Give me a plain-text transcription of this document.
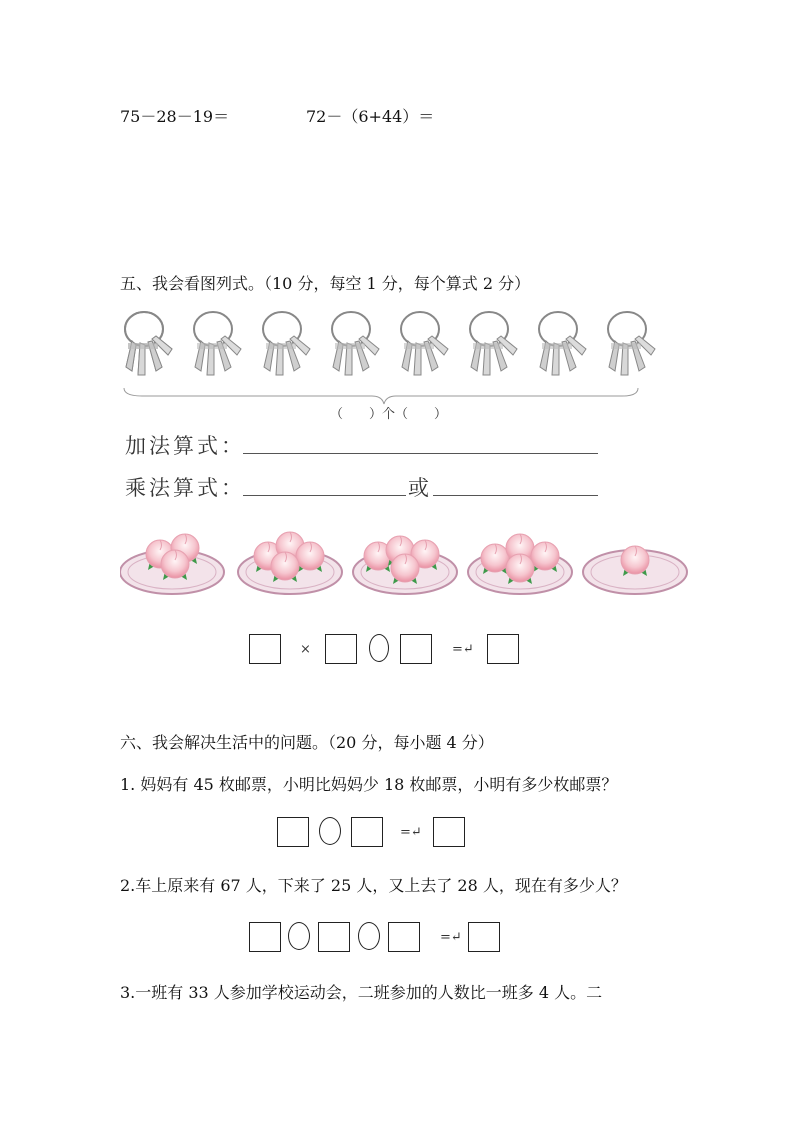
75－28－19＝	72－（6+44）＝
五、我会看图列式。（10 分，每空 1 分，每个算式 2 分）
（　　）个（　　）
加法算式：
乘法算式：	或
×	=↵
六、我会解决生活中的问题。（20 分，每小题 4 分）
1. 妈妈有 45 枚邮票，小明比妈妈少 18 枚邮票，小明有多少枚邮票？
=↵
2.车上原来有 67 人，下来了 25 人，又上去了 28 人，现在有多少人？
=↵
3.一班有 33 人参加学校运动会，二班参加的人数比一班多 4 人。二
